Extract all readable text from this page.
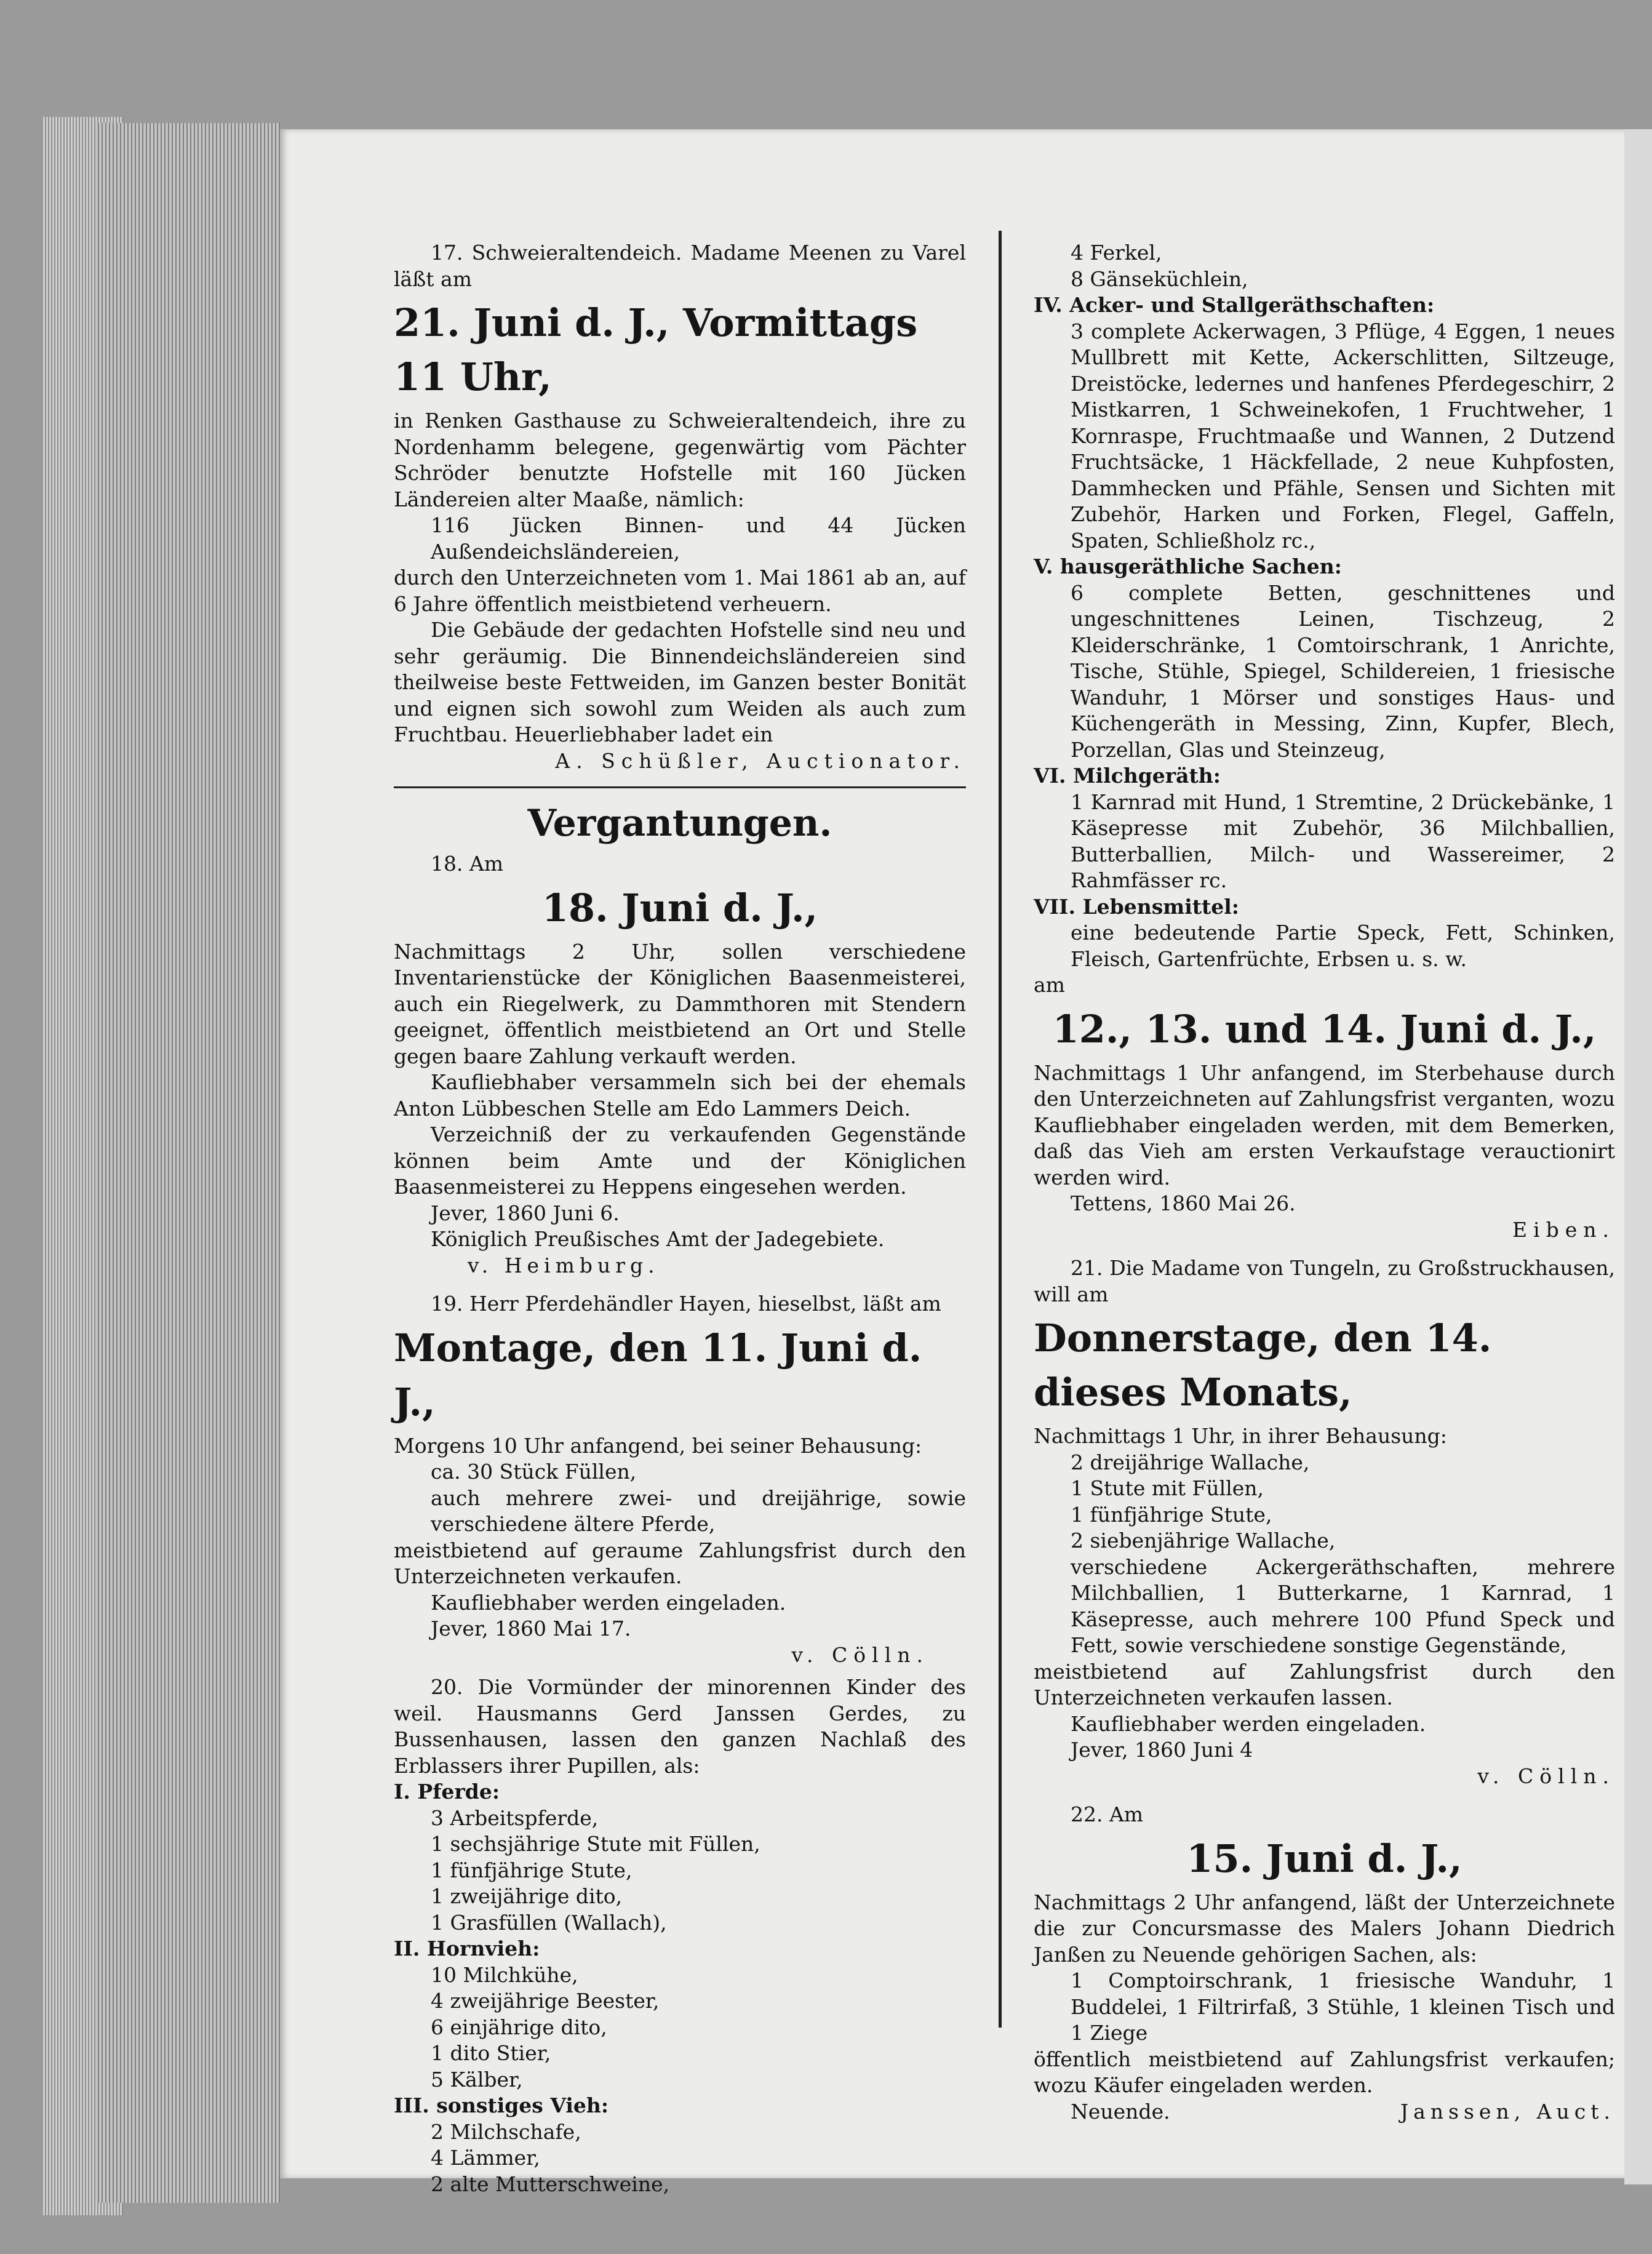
17. Schweieraltendeich. Madame Meenen zu Varel läßt am

21. Juni d. J., Vormittags 11 Uhr,

in Renken Gasthause zu Schweieraltendeich, ihre zu Nordenhamm belegene, gegenwärtig vom Pächter Schröder benutzte Hofstelle mit 160 Jücken Ländereien alter Maaße, nämlich:

116 Jücken Binnen- und 44 Jücken Außendeichsländereien,

durch den Unterzeichneten vom 1. Mai 1861 ab an, auf 6 Jahre öffentlich meistbietend verheuern.

Die Gebäude der gedachten Hofstelle sind neu und sehr geräumig. Die Binnendeichsländereien sind theilweise beste Fettweiden, im Ganzen bester Bonität und eignen sich sowohl zum Weiden als auch zum Fruchtbau. Heuerliebhaber ladet ein

A. Schüßler, Auctionator.

Vergantungen.

18. Am

18. Juni d. J.,

Nachmittags 2 Uhr, sollen verschiedene Inventarienstücke der Königlichen Baasenmeisterei, auch ein Riegelwerk, zu Dammthoren mit Stendern geeignet, öffentlich meistbietend an Ort und Stelle gegen baare Zahlung verkauft werden.

Kaufliebhaber versammeln sich bei der ehemals Anton Lübbeschen Stelle am Edo Lammers Deich.

Verzeichniß der zu verkaufenden Gegenstände können beim Amte und der Königlichen Baasenmeisterei zu Heppens eingesehen werden.

Jever, 1860 Juni 6.

Königlich Preußisches Amt der Jadegebiete.

v. Heimburg.

19. Herr Pferdehändler Hayen, hieselbst, läßt am

Montage, den 11. Juni d. J.,

Morgens 10 Uhr anfangend, bei seiner Behausung:

ca. 30 Stück Füllen,

auch mehrere zwei- und dreijährige, sowie verschiedene ältere Pferde,

meistbietend auf geraume Zahlungsfrist durch den Unterzeichneten verkaufen.

Kaufliebhaber werden eingeladen.

Jever, 1860 Mai 17.

v. Cölln.

20. Die Vormünder der minorennen Kinder des weil. Hausmanns Gerd Janssen Gerdes, zu Bussenhausen, lassen den ganzen Nachlaß des Erblassers ihrer Pupillen, als:

I. Pferde:

3 Arbeitspferde,

1 sechsjährige Stute mit Füllen,

1 fünfjährige Stute,

1 zweijährige dito,

1 Grasfüllen (Wallach),

II. Hornvieh:

10 Milchkühe,

4 zweijährige Beester,

6 einjährige dito,

1 dito Stier,

5 Kälber,

III. sonstiges Vieh:

2 Milchschafe,

4 Lämmer,

2 alte Mutterschweine,

4 Ferkel,

8 Gänseküchlein,

IV. Acker- und Stallgeräthschaften:

3 complete Ackerwagen, 3 Pflüge, 4 Eggen, 1 neues Mullbrett mit Kette, Ackerschlitten, Siltzeuge, Dreistöcke, ledernes und hanfenes Pferdegeschirr, 2 Mistkarren, 1 Schweinekofen, 1 Fruchtweher, 1 Kornraspe, Fruchtmaaße und Wannen, 2 Dutzend Fruchtsäcke, 1 Häckfellade, 2 neue Kuhpfosten, Dammhecken und Pfähle, Sensen und Sichten mit Zubehör, Harken und Forken, Flegel, Gaffeln, Spaten, Schließholz rc.,

V. hausgeräthliche Sachen:

6 complete Betten, geschnittenes und ungeschnittenes Leinen, Tischzeug, 2 Kleiderschränke, 1 Comtoirschrank, 1 Anrichte, Tische, Stühle, Spiegel, Schildereien, 1 friesische Wanduhr, 1 Mörser und sonstiges Haus- und Küchengeräth in Messing, Zinn, Kupfer, Blech, Porzellan, Glas und Steinzeug,

VI. Milchgeräth:

1 Karnrad mit Hund, 1 Stremtine, 2 Drückebänke, 1 Käsepresse mit Zubehör, 36 Milchballien, Butterballien, Milch- und Wassereimer, 2 Rahmfässer rc.

VII. Lebensmittel:

eine bedeutende Partie Speck, Fett, Schinken, Fleisch, Gartenfrüchte, Erbsen u. s. w.

am

12., 13. und 14. Juni d. J.,

Nachmittags 1 Uhr anfangend, im Sterbehause durch den Unterzeichneten auf Zahlungsfrist verganten, wozu Kaufliebhaber eingeladen werden, mit dem Bemerken, daß das Vieh am ersten Verkaufstage verauctionirt werden wird.

Tettens, 1860 Mai 26.

Eiben.

21. Die Madame von Tungeln, zu Großstruckhausen, will am

Donnerstage, den 14. dieses Monats,

Nachmittags 1 Uhr, in ihrer Behausung:

2 dreijährige Wallache,

1 Stute mit Füllen,

1 fünfjährige Stute,

2 siebenjährige Wallache,

verschiedene Ackergeräthschaften, mehrere Milchballien, 1 Butterkarne, 1 Karnrad, 1 Käsepresse, auch mehrere 100 Pfund Speck und Fett, sowie verschiedene sonstige Gegenstände,

meistbietend auf Zahlungsfrist durch den Unterzeichneten verkaufen lassen.

Kaufliebhaber werden eingeladen.

Jever, 1860 Juni 4

v. Cölln.

22. Am

15. Juni d. J.,

Nachmittags 2 Uhr anfangend, läßt der Unterzeichnete die zur Concursmasse des Malers Johann Diedrich Janßen zu Neuende gehörigen Sachen, als:

1 Comptoirschrank, 1 friesische Wanduhr, 1 Buddelei, 1 Filtrirfaß, 3 Stühle, 1 kleinen Tisch und 1 Ziege

öffentlich meistbietend auf Zahlungsfrist verkaufen; wozu Käufer eingeladen werden.

Neuende.	Janssen, Auct.
